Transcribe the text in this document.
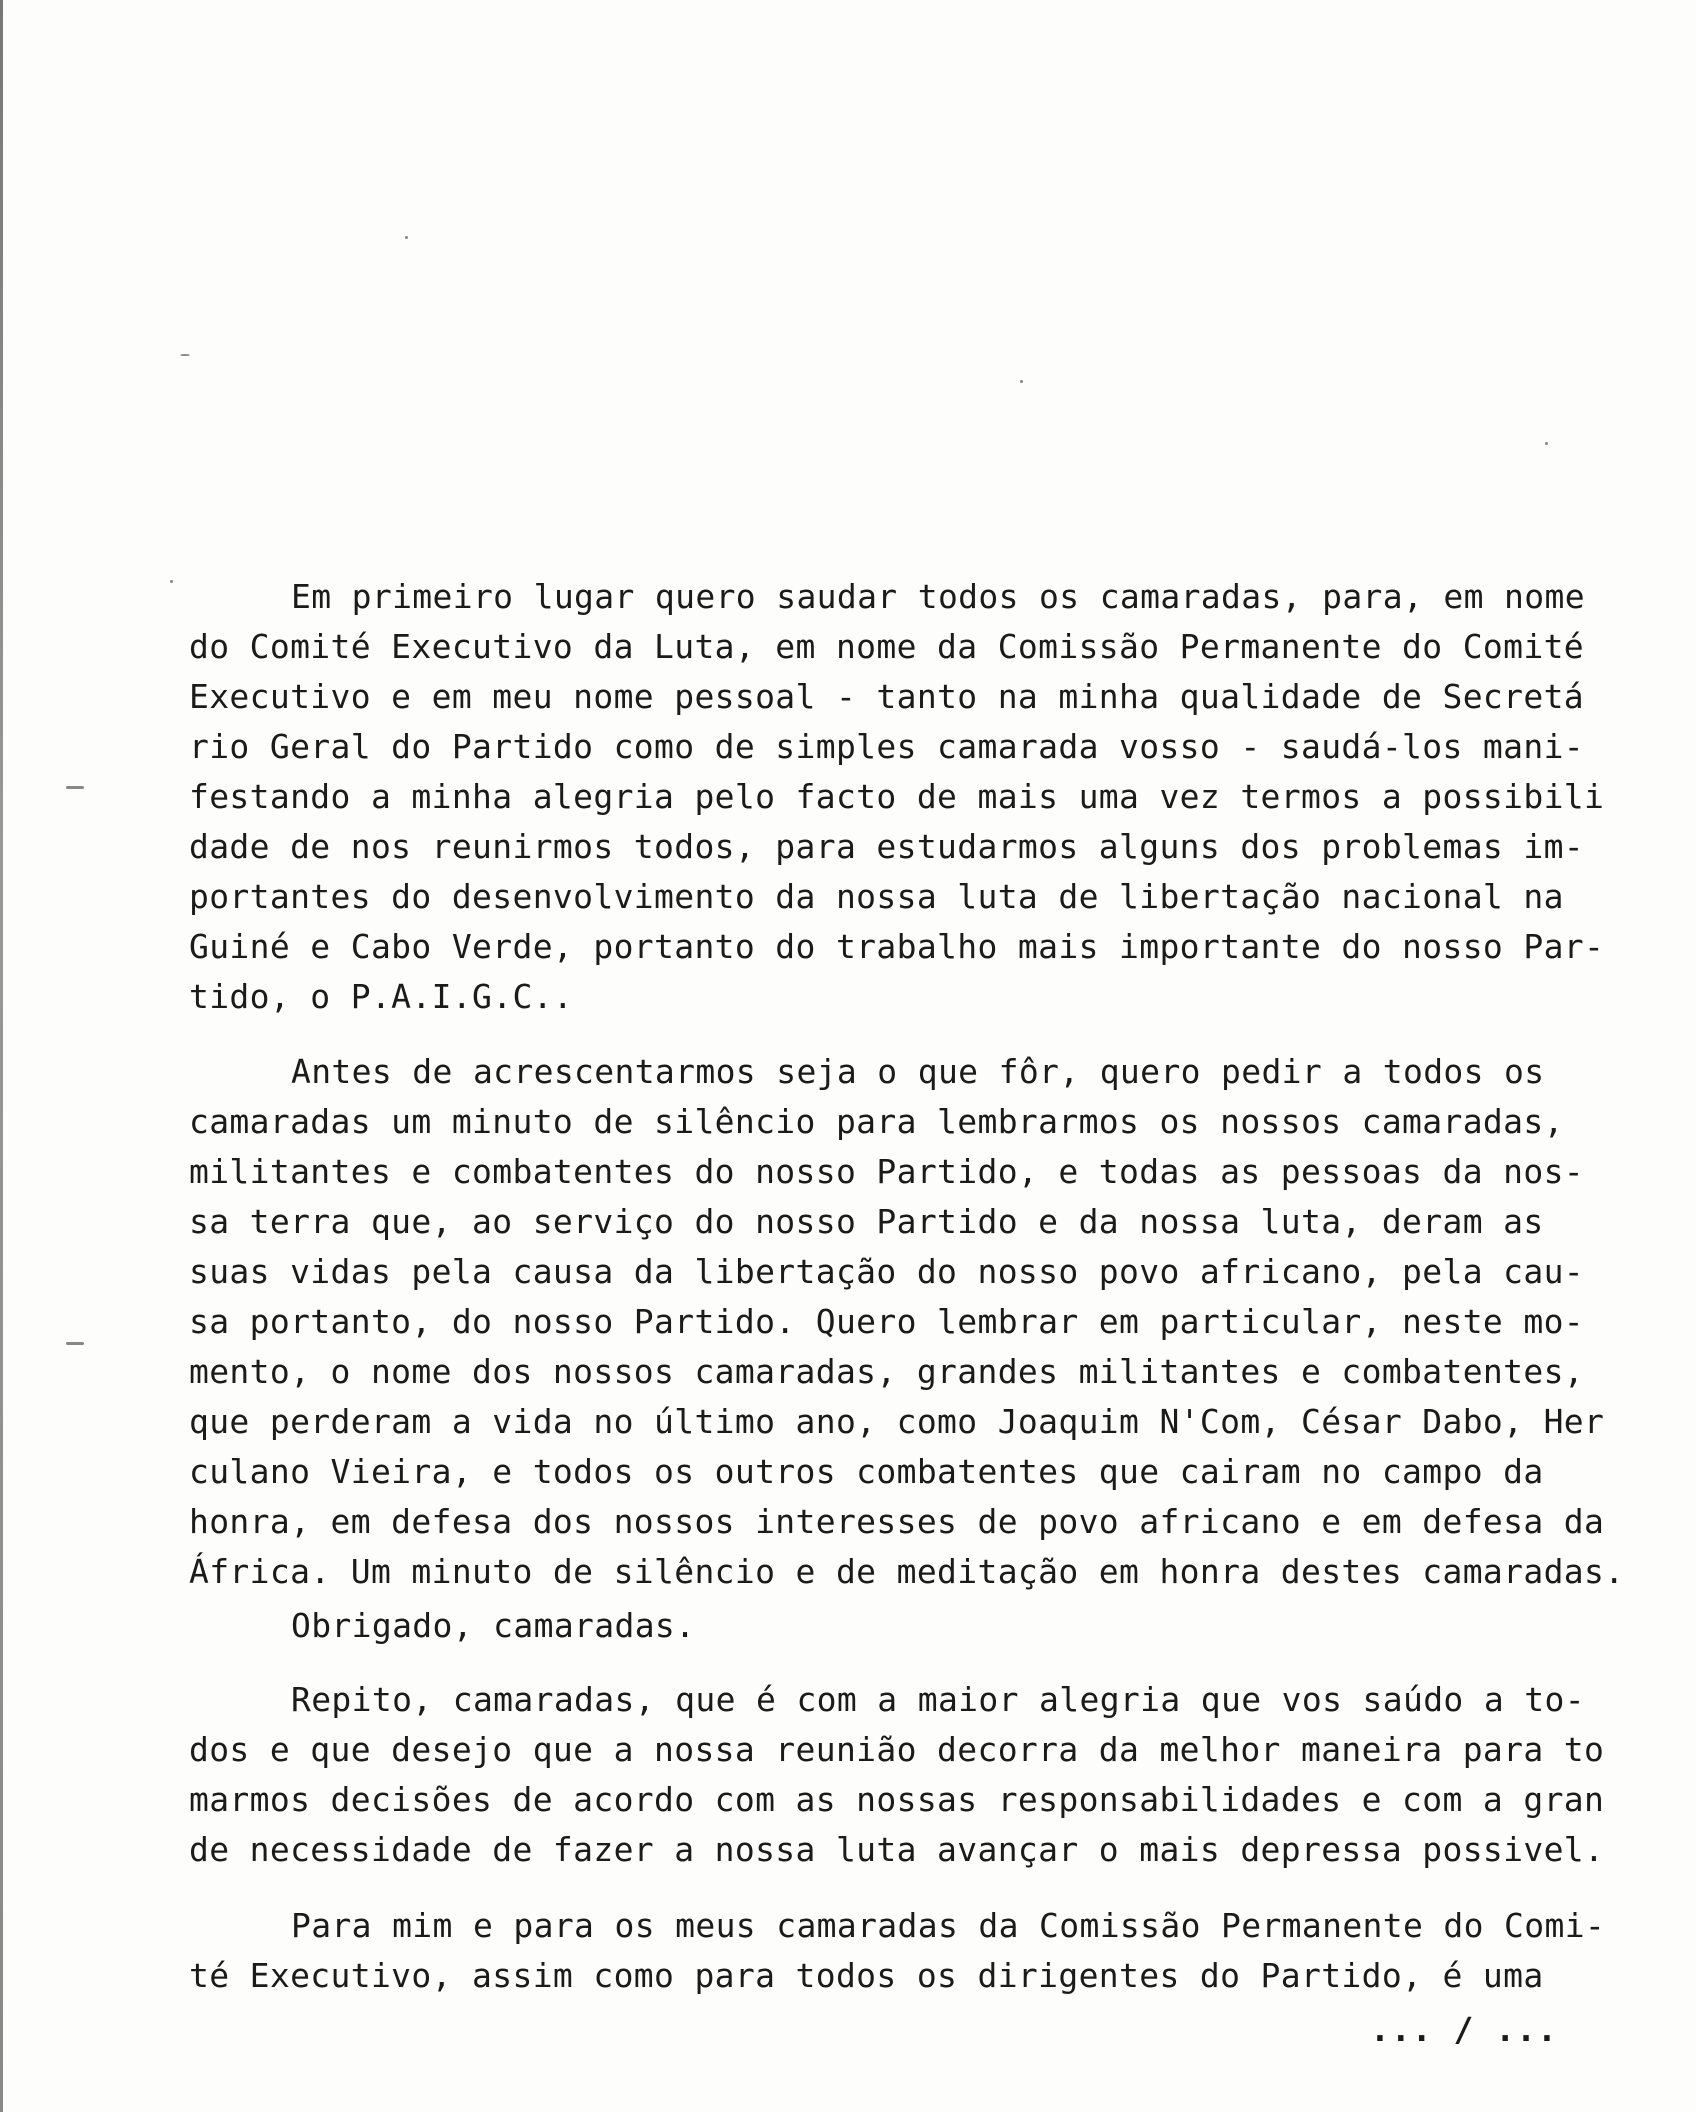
Em primeiro lugar quero saudar todos os camaradas, para, em nome
do Comité Executivo da Luta, em nome da Comissão Permanente do Comité
Executivo e em meu nome pessoal - tanto na minha qualidade de Secretá
rio Geral do Partido como de simples camarada vosso - saudá-los mani-
festando a minha alegria pelo facto de mais uma vez termos a possibili
dade de nos reunirmos todos, para estudarmos alguns dos problemas im-
portantes do desenvolvimento da nossa luta de libertação nacional na
Guiné e Cabo Verde, portanto do trabalho mais importante do nosso Par-
tido, o P.A.I.G.C..
Antes de acrescentarmos seja o que fôr, quero pedir a todos os
camaradas um minuto de silêncio para lembrarmos os nossos camaradas,
militantes e combatentes do nosso Partido, e todas as pessoas da nos-
sa terra que, ao serviço do nosso Partido e da nossa luta, deram as
suas vidas pela causa da libertação do nosso povo africano, pela cau-
sa portanto, do nosso Partido. Quero lembrar em particular, neste mo-
mento, o nome dos nossos camaradas, grandes militantes e combatentes,
que perderam a vida no último ano, como Joaquim N'Com, César Dabo, Her
culano Vieira, e todos os outros combatentes que cairam no campo da
honra, em defesa dos nossos interesses de povo africano e em defesa da
África. Um minuto de silêncio e de meditação em honra destes camaradas.
Obrigado, camaradas.
Repito, camaradas, que é com a maior alegria que vos saúdo a to-
dos e que desejo que a nossa reunião decorra da melhor maneira para to
marmos decisões de acordo com as nossas responsabilidades e com a gran
de necessidade de fazer a nossa luta avançar o mais depressa possivel.
Para mim e para os meus camaradas da Comissão Permanente do Comi-
té Executivo, assim como para todos os dirigentes do Partido, é uma
... / ...
